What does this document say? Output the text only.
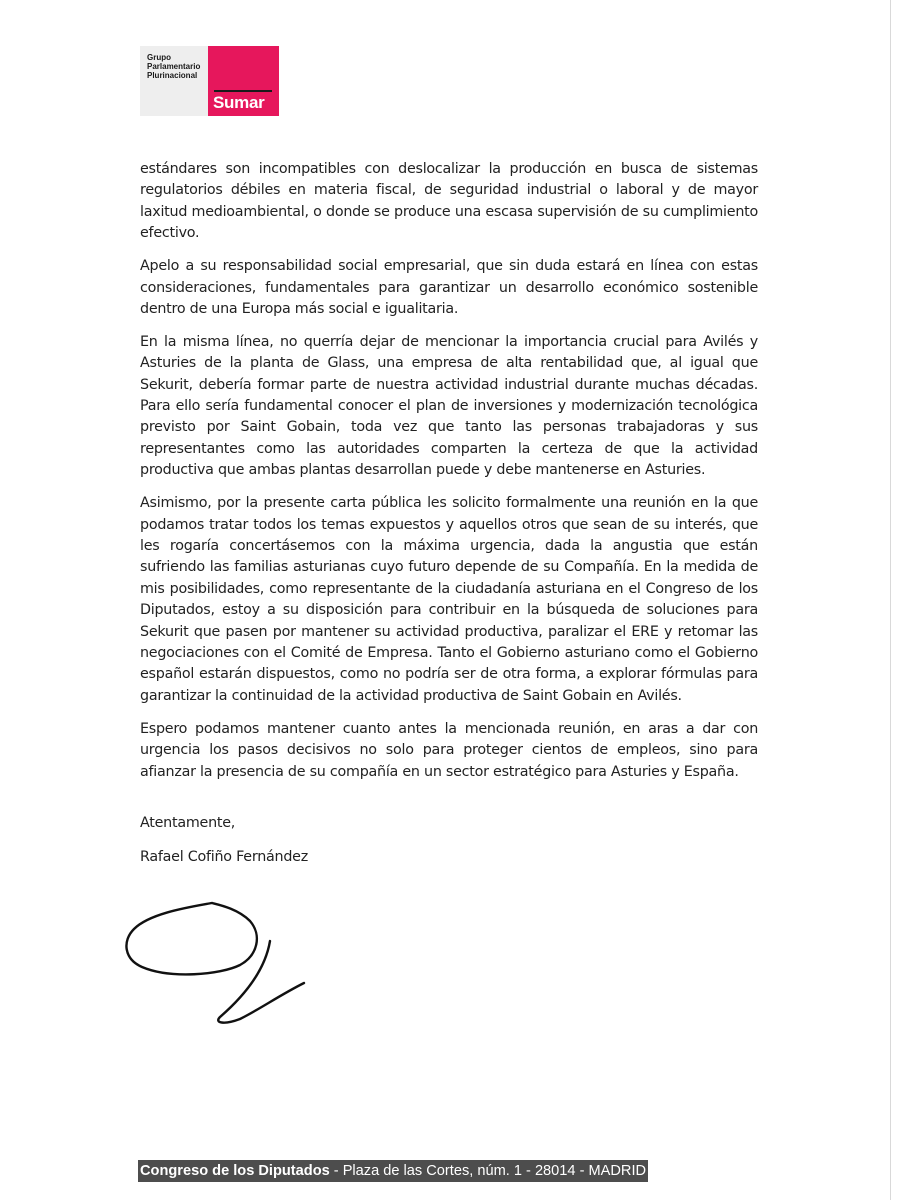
Grupo
Parlamentario
Plurinacional
Sumar

estándares son incompatibles con deslocalizar la producción en busca de sistemas regulatorios débiles en materia fiscal, de seguridad industrial o laboral y de mayor laxitud medioambiental, o donde se produce una escasa supervisión de su cumplimiento efectivo.

Apelo a su responsabilidad social empresarial, que sin duda estará en línea con estas consideraciones, fundamentales para garantizar un desarrollo económico sostenible dentro de una Europa más social e igualitaria.

En la misma línea, no querría dejar de mencionar la importancia crucial para Avilés y Asturies de la planta de Glass, una empresa de alta rentabilidad que, al igual que Sekurit, debería formar parte de nuestra actividad industrial durante muchas décadas. Para ello sería fundamental conocer el plan de inversiones y modernización tecnológica previsto por Saint Gobain, toda vez que tanto las personas trabajadoras y sus representantes como las autoridades comparten la certeza de que la actividad productiva que ambas plantas desarrollan puede y debe mantenerse en Asturies.

Asimismo, por la presente carta pública les solicito formalmente una reunión en la que podamos tratar todos los temas expuestos y aquellos otros que sean de su interés, que les rogaría concertásemos con la máxima urgencia, dada la angustia que están sufriendo las familias asturianas cuyo futuro depende de su Compañía. En la medida de mis posibilidades, como representante de la ciudadanía asturiana en el Congreso de los Diputados, estoy a su disposición para contribuir en la búsqueda de soluciones para Sekurit que pasen por mantener su actividad productiva, paralizar el ERE y retomar las negociaciones con el Comité de Empresa. Tanto el Gobierno asturiano como el Gobierno español estarán dispuestos, como no podría ser de otra forma, a explorar fórmulas para garantizar la continuidad de la actividad productiva de Saint Gobain en Avilés.

Espero podamos mantener cuanto antes la mencionada reunión, en aras a dar con urgencia los pasos decisivos no solo para proteger cientos de empleos, sino para afianzar la presencia de su compañía en un sector estratégico para Asturies y España.

Atentamente,
Rafael Cofiño Fernández
Congreso de los Diputados - Plaza de las Cortes, núm. 1 - 28014 - MADRID
